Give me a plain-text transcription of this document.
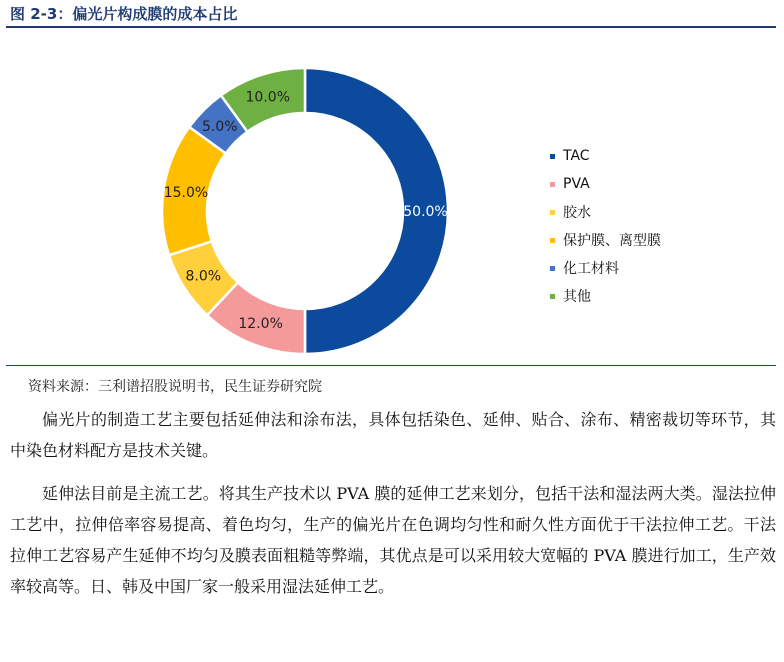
图 2-3：偏光片构成膜的成本占比
50.0%
12.0%
8.0%
15.0%
5.0%
10.0%
TAC
PVA
胶水
保护膜、离型膜
化工材料
其他

资料来源：三利谱招股说明书，民生证券研究院

偏光片的制造工艺主要包括延伸法和涂布法，具体包括染色、延伸、贴合、涂布、精密裁切等环节，其中染色材料配方是技术关键。

延伸法目前是主流工艺。将其生产技术以 PVA 膜的延伸工艺来划分，包括干法和湿法两大类。湿法拉伸工艺中，拉伸倍率容易提高、着色均匀，生产的偏光片在色调均匀性和耐久性方面优于干法拉伸工艺。干法拉伸工艺容易产生延伸不均匀及膜表面粗糙等弊端，其优点是可以采用较大宽幅的 PVA 膜进行加工，生产效率较高等。日、韩及中国厂家一般采用湿法延伸工艺。
